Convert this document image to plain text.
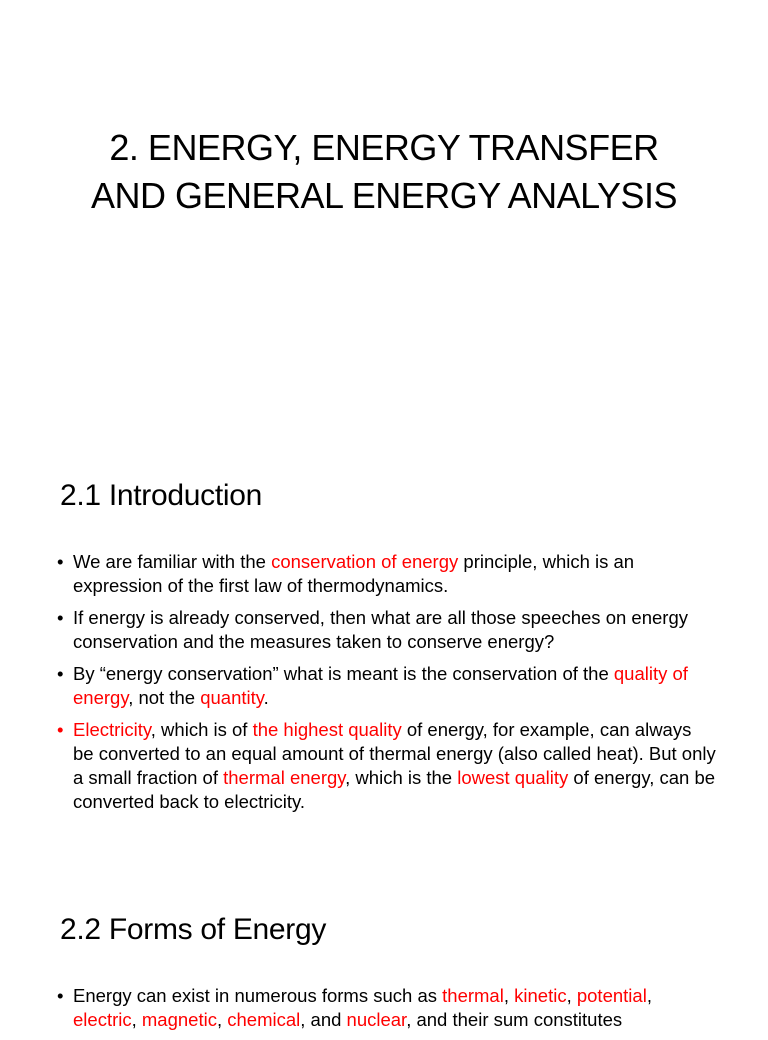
2. ENERGY, ENERGY TRANSFER
AND GENERAL ENERGY ANALYSIS
2.1 Introduction
• We are familiar with the conservation of energy principle, which is an expression of the first law of thermodynamics.
• If energy is already conserved, then what are all those speeches on energy conservation and the measures taken to conserve energy?
• By “energy conservation” what is meant is the conservation of the quality of energy, not the quantity.
• Electricity, which is of the highest quality of energy, for example, can always be converted to an equal amount of thermal energy (also called heat). But only a small fraction of thermal energy, which is the lowest quality of energy, can be converted back to electricity.
2.2 Forms of Energy
• Energy can exist in numerous forms such as thermal, kinetic, potential, electric, magnetic, chemical, and nuclear, and their sum constitutes
